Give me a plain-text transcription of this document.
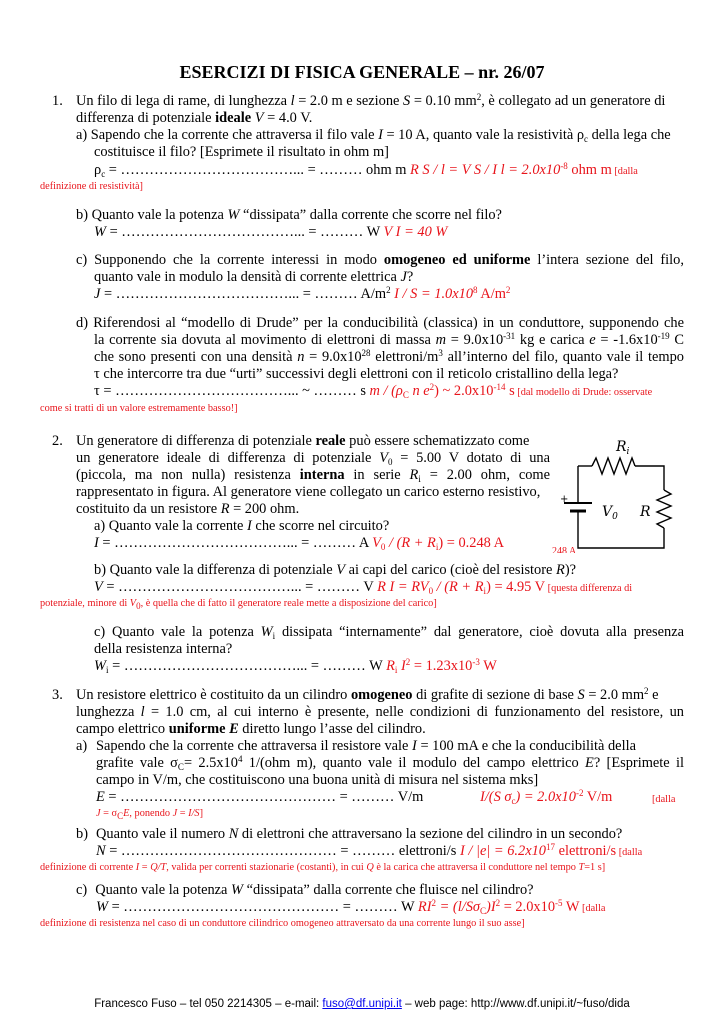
ESERCIZI DI FISICA GENERALE – nr. 26/07
1. Un filo di lega di rame, di lunghezza l = 2.0 m e sezione S = 0.10 $mm^2$, è collegato ad un generatore di
differenza di potenziale ideale V = 4.0 V.
a) Sapendo che la corrente che attraversa il filo vale I = 10 A, quanto vale la resistività $\rho_c$ della lega che
costituisce il filo? [Esprimete il risultato in ohm m]
$\rho_c$ = ………………………………... = ……… ohm m R S / l = V S / I $l = 2.0x10^{-8}$ ohm m [dalla
definizione di resistività]
b) Quanto vale la potenza W “dissipata” dalla corrente che scorre nel filo?
W = ………………………………... = ……… W V I = 40 W
c) Supponendo che la corrente interessi in modo omogeneo ed uniforme l’intera sezione del filo,
quanto vale in modulo la densità di corrente elettrica J?
J = ………………………………... = ……… $A/m^2$ $I / S = 1.0x10^8$ $A/m^2$
d) Riferendosi al “modello di Drude” per la conducibilità (classica) in un conduttore, supponendo che
la corrente sia dovuta al movimento di elettroni di massa $m = 9.0x10^{-31}$ kg e carica $e = -1.6x10^{-19}$ C
che sono presenti con una densità $n = 9.0x10^{28}$ elettroni/$m^3$ all’interno del filo, quanto vale il tempo
τ che intercorre tra due “urti” successivi degli elettroni con il reticolo cristallino della lega?
τ = ………………………………... ~ ……… s m / ($\rho_C$ n $e^2$) ~ $2.0x10^{-14}$ s [dal modello di Drude: osservate
come si tratti di un valore estremamente basso!]
2. Un generatore di differenza di potenziale reale può essere schematizzato come
un generatore ideale di differenza di potenziale $V_0 = 5.00$ V dotato di una
(piccola, ma non nulla) resistenza interna in serie $R_i = 2.00$ ohm, come
rappresentato in figura. Al generatore viene collegato un carico esterno resistivo,
costituito da un resistore R = 200 ohm.
a) Quanto vale la corrente I che scorre nel circuito?
I = ………………………………... = ……… A $V_0 / (R + R_i) = 0.248$ A
248 A
+
$R_i$
$V_0$ R
b) Quanto vale la differenza di potenziale V ai capi del carico (cioè del resistore R)?
V = ………………………………... = ……… V R $I = RV_0 / (R + R_i) = 4.95$ V [questa differenza di
potenziale, minore di $V_0$, è quella che di fatto il generatore reale mette a disposizione del carico]
c) Quanto vale la potenza $W_i$ dissipata “internamente” dal generatore, cioè dovuta alla presenza
della resistenza interna?
$W_i$ = ………………………………... = ……… W $R_i$ $I^2 = 1.23x10^{-3}$ W
3. Un resistore elettrico è costituito da un cilindro omogeneo di grafite di sezione di base S = 2.0 $mm^2$ e
lunghezza l = 1.0 cm, al cui interno è presente, nelle condizioni di funzionamento del resistore, un
campo elettrico uniforme E diretto lungo l’asse del cilindro.
a) Sapendo che la corrente che attraversa il resistore vale I = 100 mA e che la conducibilità della
grafite vale $\sigma_C= 2.5x10^4$ 1/(ohm m), quanto vale il modulo del campo elettrico E? [Esprimete il
campo in V/m, che costituiscono una buona unità di misura nel sistema mks]
E = ……………………………………… = ……… V/m	I/(S $\sigma_c) = 2.0x10^{-2}$ V/m	[dalla
$J = \sigma_CE$, ponendo J = I/S]
b) Quanto vale il numero N di elettroni che attraversano la sezione del cilindro in un secondo?
N = ……………………………………… = ……… elettroni/s $I / |e| = 6.2x10^{17}$ elettroni/s [dalla
definizione di corrente I = Q/T, valida per correnti stazionarie (costanti), in cui Q è la carica che attraversa il conduttore nel tempo T=1 s]
c) Quanto vale la potenza W “dissipata” dalla corrente che fluisce nel cilindro?
W = ……………………………………… = ……… W $RI^2 = (l/S\sigma_C)I^2 = 2.0x10^{-5}$ W [dalla
definizione di resistenza nel caso di un conduttore cilindrico omogeneo attraversato da una corrente lungo il suo asse]
Francesco Fuso – tel 050 2214305 – e-mail: fuso@df.unipi.it – web page: http://www.df.unipi.it/~fuso/dida
